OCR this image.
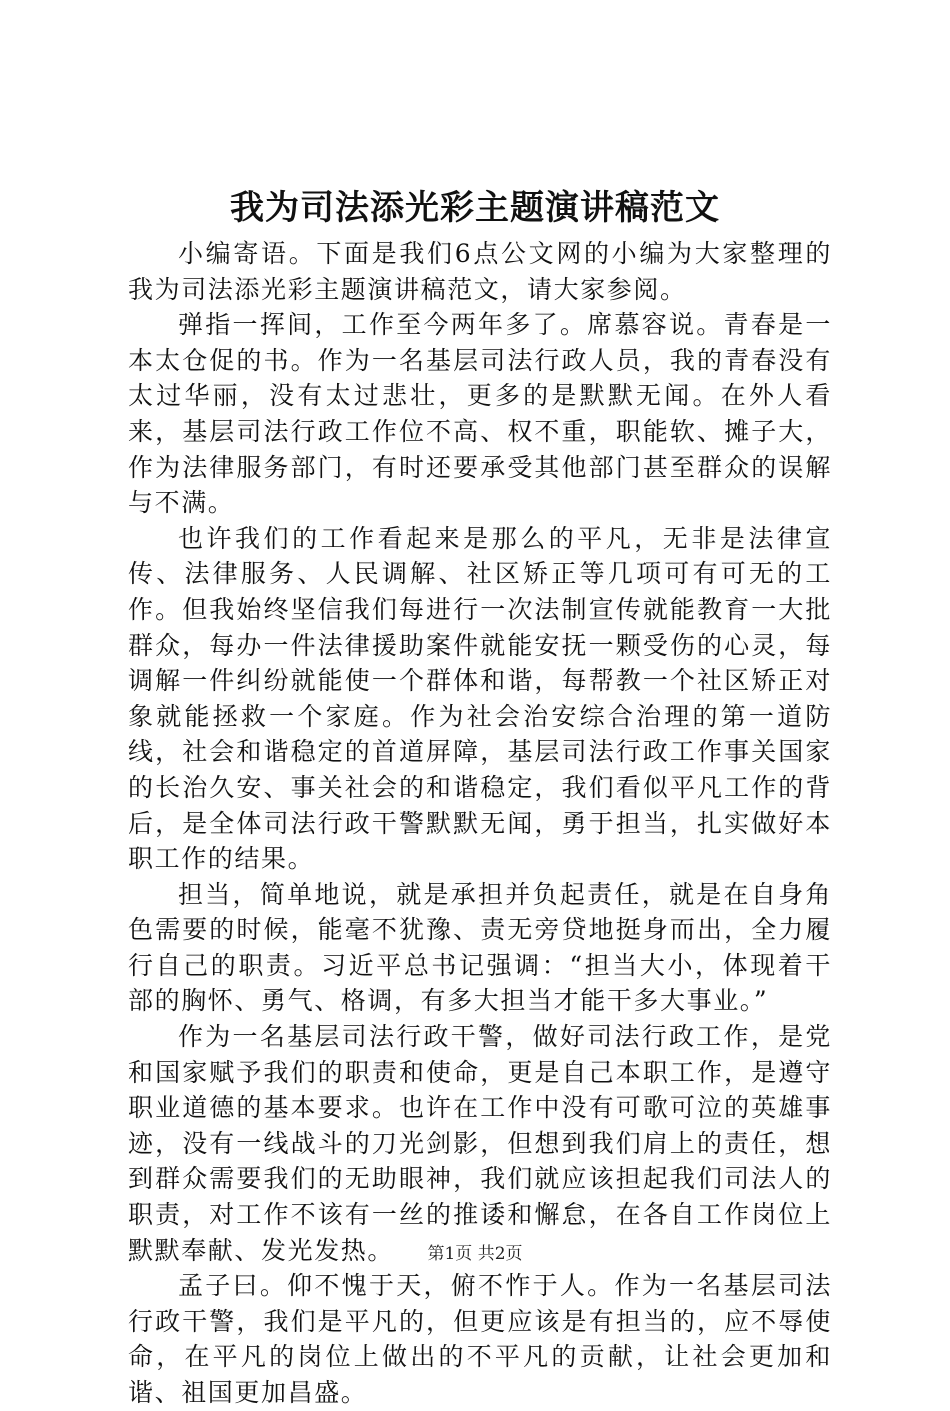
我为司法添光彩主题演讲稿范文

小编寄语。下面是我们6点公文网的小编为大家整理的我为司法添光彩主题演讲稿范文，请大家参阅。

弹指一挥间，工作至今两年多了。席慕容说。青春是一本太仓促的书。作为一名基层司法行政人员，我的青春没有太过华丽，没有太过悲壮，更多的是默默无闻。在外人看来，基层司法行政工作位不高、权不重，职能软、摊子大，作为法律服务部门，有时还要承受其他部门甚至群众的误解与不满。

也许我们的工作看起来是那么的平凡，无非是法律宣传、法律服务、人民调解、社区矫正等几项可有可无的工作。但我始终坚信我们每进行一次法制宣传就能教育一大批群众，每办一件法律援助案件就能安抚一颗受伤的心灵，每调解一件纠纷就能使一个群体和谐，每帮教一个社区矫正对象就能拯救一个家庭。作为社会治安综合治理的第一道防线，社会和谐稳定的首道屏障，基层司法行政工作事关国家的长治久安、事关社会的和谐稳定，我们看似平凡工作的背后，是全体司法行政干警默默无闻，勇于担当，扎实做好本职工作的结果。

担当，简单地说，就是承担并负起责任，就是在自身角色需要的时候，能毫不犹豫、责无旁贷地挺身而出，全力履行自己的职责。习近平总书记强调：“担当大小，体现着干部的胸怀、勇气、格调，有多大担当才能干多大事业。”

作为一名基层司法行政干警，做好司法行政工作，是党和国家赋予我们的职责和使命，更是自己本职工作，是遵守职业道德的基本要求。也许在工作中没有可歌可泣的英雄事迹，没有一线战斗的刀光剑影，但想到我们肩上的责任，想到群众需要我们的无助眼神，我们就应该担起我们司法人的职责，对工作不该有一丝的推诿和懈怠，在各自工作岗位上默默奉献、发光发热。

孟子曰。仰不愧于天，俯不怍于人。作为一名基层司法行政干警，我们是平凡的，但更应该是有担当的，应不辱使命，在平凡的岗位上做出的不平凡的贡献，让社会更加和谐、祖国更加昌盛。

第1页 共2页
